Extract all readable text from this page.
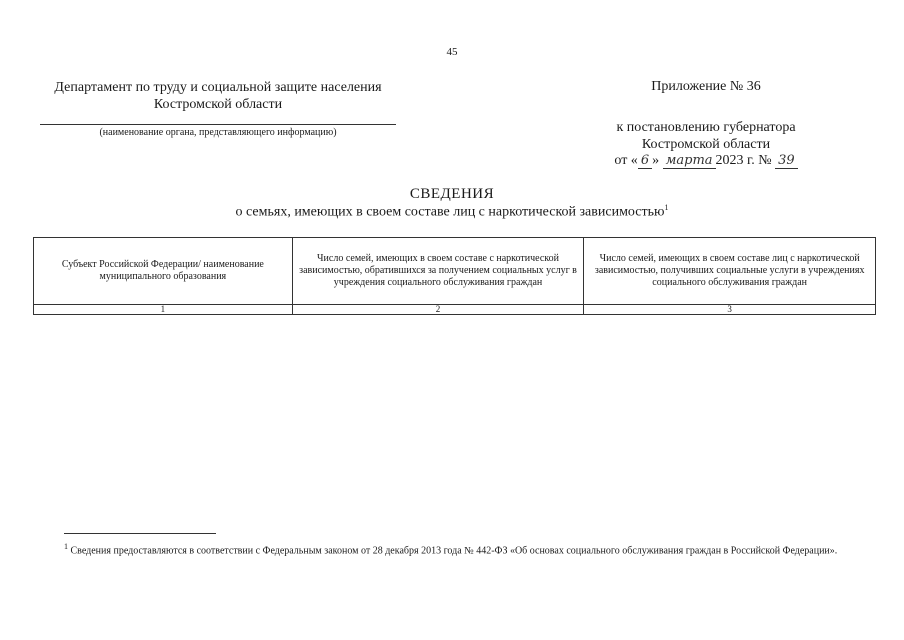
45
Департамент по труду и социальной защите населения
Костромской области
(наименование органа, представляющего информацию)
Приложение № 36
к постановлению губернатора
Костромской области
от « 6 » марта 2023 г. № 39
СВЕДЕНИЯ
о семьях, имеющих в своем составе лиц с наркотической зависимостью$^1$
Субъект Российской Федерации/ наименование муниципального образования	Число семей, имеющих в своем составе с наркотической зависимостью, обратившихся за получением социальных услуг в учреждения социального обслуживания граждан	Число семей, имеющих в своем составе лиц с наркотической зависимостью, получивших социальные услуги в учреждениях социального обслуживания граждан
1	2	3
$^1$ Сведения предоставляются в соответствии с Федеральным законом от 28 декабря 2013 года № 442-ФЗ «Об основах социального обслуживания граждан в Российской Федерации».
